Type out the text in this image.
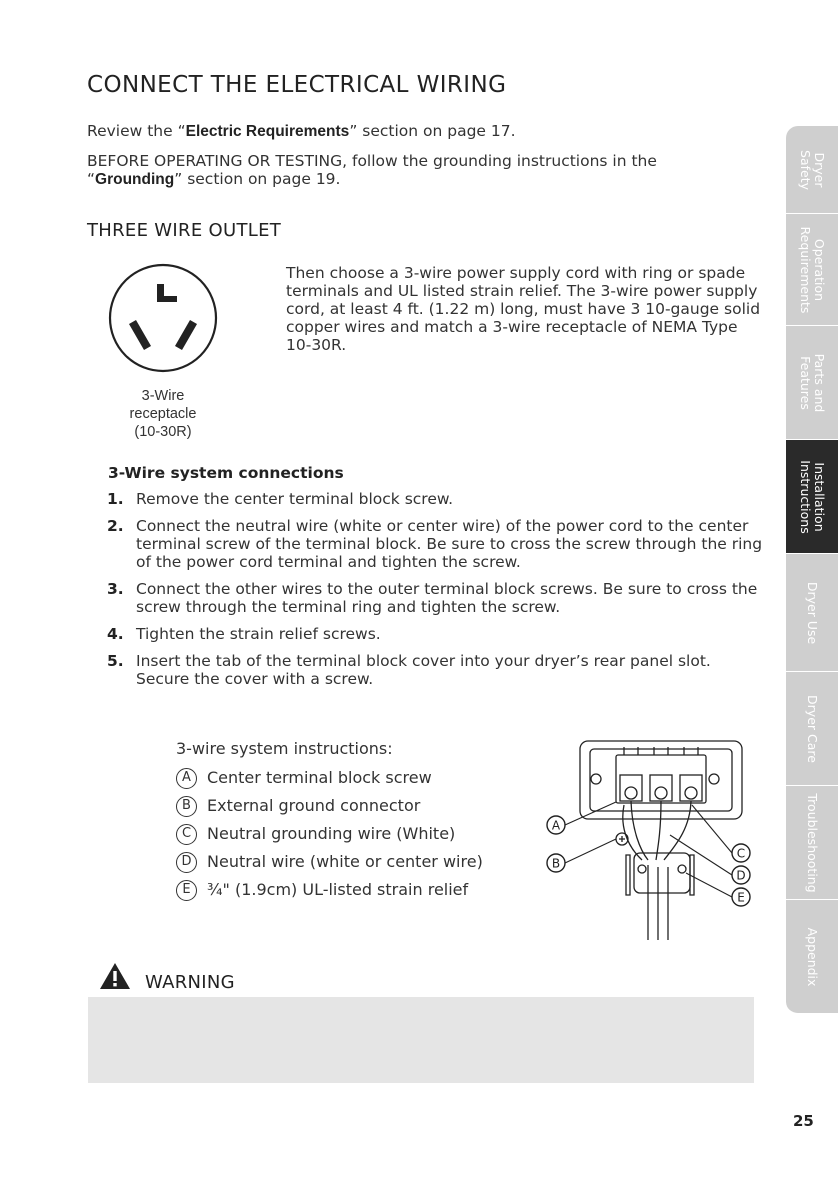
CONNECT THE ELECTRICAL WIRING

Review the “Electric Requirements” section on page 17.

BEFORE OPERATING OR TESTING, follow the grounding instructions in the “Grounding” section on page 19.

THREE WIRE OUTLET
3-Wire
receptacle
(10-30R)

Then choose a 3-wire power supply cord with ring or spade terminals and UL listed strain relief. The 3-wire power supply cord, at least 4 ft. (1.22 m) long, must have 3 10-gauge solid copper wires and match a 3-wire receptacle of NEMA Type 10-30R.

3-Wire system connections
1. Remove the center terminal block screw.
2. Connect the neutral wire (white or center wire) of the power cord to the center terminal screw of the terminal block. Be sure to cross the screw through the ring of the power cord terminal and tighten the screw.
3. Connect the other wires to the outer terminal block screws. Be sure to cross the screw through the terminal ring and tighten the screw.
4. Tighten the strain relief screws.
5. Insert the tab of the terminal block cover into your dryer’s rear panel slot. Secure the cover with a screw.
3-wire system instructions:
A	Center terminal block screw
B	External ground connector
C Neutral grounding wire (White)
D Neutral wire (white or center wire)
E	¾" (1.9cm) UL-listed strain relief
A
B
C
D
E
WARNING
Dryer
Safety
Operation
Requirements
Parts and
Features
Installation
Instructions
Dryer Use
Dryer Care
Troubleshooting
Appendix
25
